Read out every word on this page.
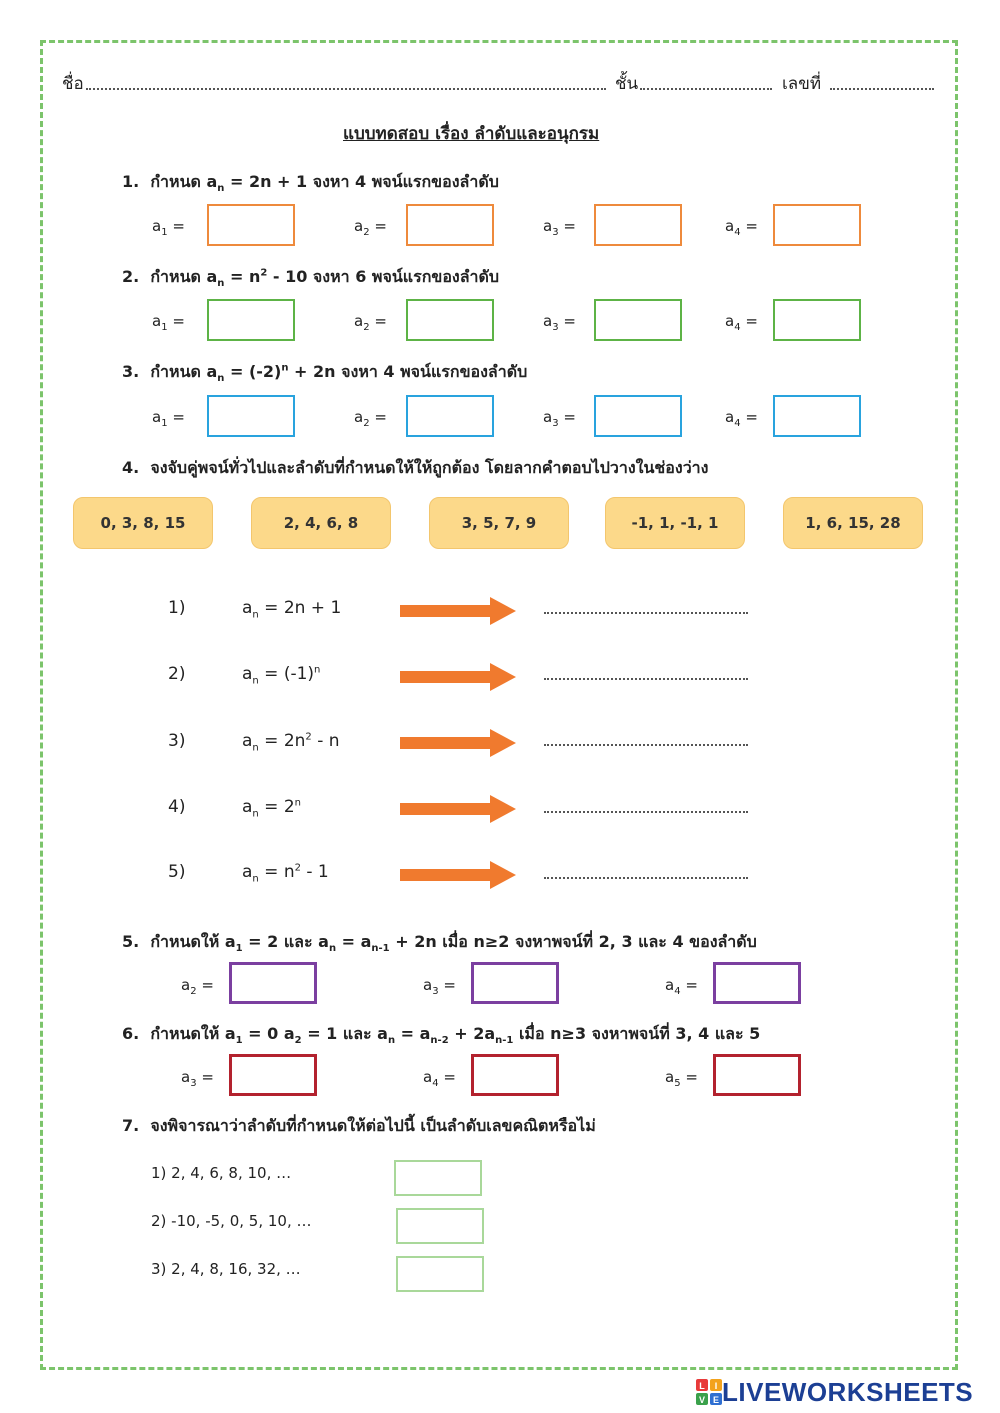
ชื่อ	ชั้น	เลขที่
แบบทดสอบ เรื่อง ลำดับและอนุกรม
1. กำหนด $a_n = 2n + 1$ จงหา 4 พจน์แรกของลำดับ
$a_1$ =	$a_2$ =	$a_3$ =	$a_4$ =
2. กำหนด $a_n = n^2 - 10$ จงหา 6 พจน์แรกของลำดับ
$a_1$ =	$a_2$ =	$a_3$ =	$a_4$ =
3. กำหนด $a_n = (-2)^n + 2n$ จงหา 4 พจน์แรกของลำดับ
$a_1$ =	$a_2$ =	$a_3$ =	$a_4$ =
4. จงจับคู่พจน์ทั่วไปและลำดับที่กำหนดให้ให้ถูกต้อง โดยลากคำตอบไปวางในช่องว่าง
0, 3, 8, 15	2, 4, 6, 8	3, 5, 7, 9	-1, 1, -1, 1	1, 6, 15, 28
1)	$a_n = 2n + 1$
2)	$a_n = (-1)^n$
3)	$a_n = 2n^2 - n$
4)	$a_n = 2^n$
5)	$a_n = n^2 - 1$
5. กำหนดให้ $a_1 = 2$ และ $a_n = a_{n-1} + 2n$ เมื่อ n≥2 จงหาพจน์ที่ 2, 3 และ 4 ของลำดับ
$a_2$ =	$a_3$ =	$a_4$ =
6. กำหนดให้ $a_1 = 0$ $a_2 = 1$ และ $a_n = a_{n-2} + 2a_{n-1}$ เมื่อ n≥3 จงหาพจน์ที่ 3, 4 และ 5
$a_3$ =	$a_4$ =	$a_5$ =
7. จงพิจารณาว่าลำดับที่กำหนดให้ต่อไปนี้ เป็นลำดับเลขคณิตหรือไม่
1) 2, 4, 6, 8, 10, …
2) -10, -5, 0, 5, 10, …
3) 2, 4, 8, 16, 32, …
L I
V E LIVEWORKSHEETS
